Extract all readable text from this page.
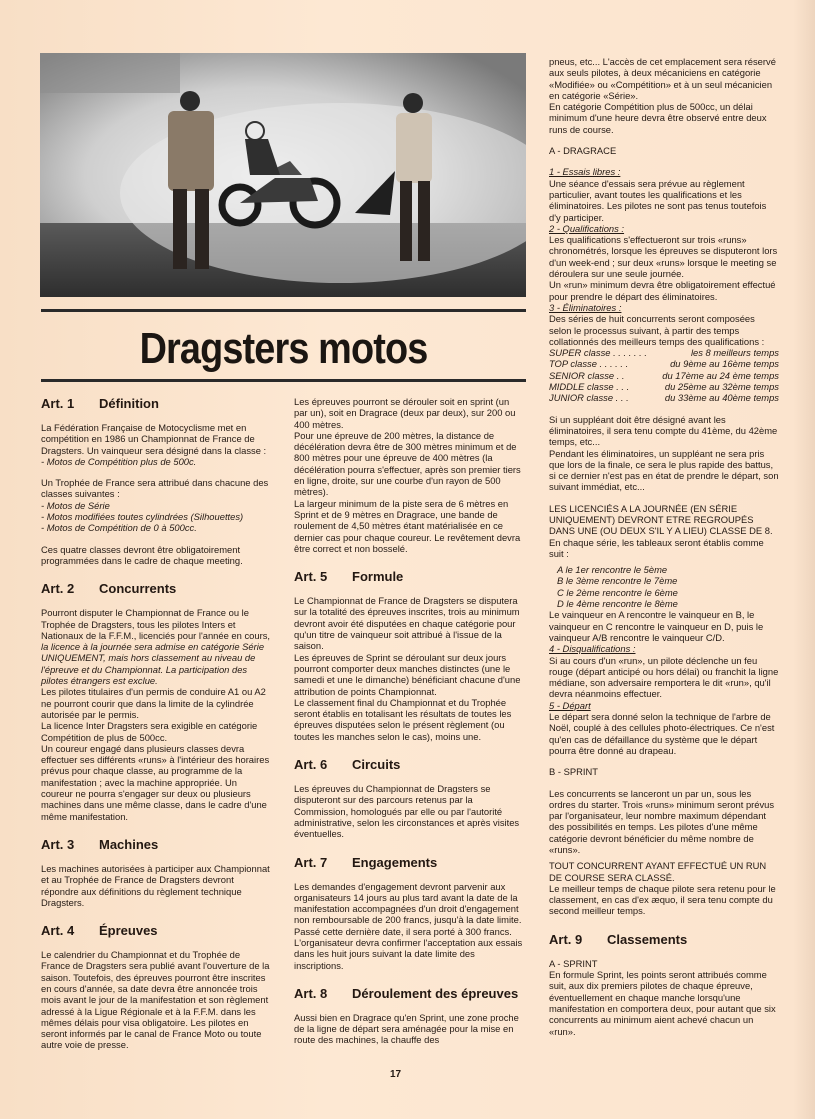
Dragsters motos

Art. 1 Définition

La Fédération Française de Motocyclisme met en compétition en 1986 un Championnat de France de Dragsters. Un vainqueur sera désigné dans la classe :

- Motos de Compétition plus de 500c.

Un Trophée de France sera attribué dans chacune des classes suivantes :

- Motos de Série

- Motos modifiées toutes cylindrées (Silhouettes)

- Motos de Compétition de 0 à 500cc.

Ces quatre classes devront être obligatoirement programmées dans le cadre de chaque meeting.

Art. 2 Concurrents

Pourront disputer le Championnat de France ou le Trophée de Dragsters, tous les pilotes Inters et Nationaux de la F.F.M., licenciés pour l'année en cours, la licence à la journée sera admise en catégorie Série UNIQUEMENT, mais hors classement au niveau de l'épreuve et du Championnat. La participation des pilotes étrangers est exclue.

Les pilotes titulaires d'un permis de conduire A1 ou A2 ne pourront courir que dans la limite de la cylindrée autorisée par le permis.

La licence Inter Dragsters sera exigible en catégorie Compétition de plus de 500cc.

Un coureur engagé dans plusieurs classes devra effectuer ses différents «runs» à l'intérieur des horaires prévus pour chaque classe, au programme de la manifestation ; avec la machine appropriée. Un coureur ne pourra s'engager sur deux ou plusieurs machines dans une même classe, dans le cadre d'une même manifestation.

Art. 3 Machines

Les machines autorisées à participer aux Championnat et au Trophée de France de Dragsters devront répondre aux définitions du règlement technique Dragsters.

Art. 4 Épreuves

Le calendrier du Championnat et du Trophée de France de Dragsters sera publié avant l'ouverture de la saison. Toutefois, des épreuves pourront être inscrites en cours d'année, sa date devra être annoncée trois mois avant le jour de la manifestation et son règlement adressé à la Ligue Régionale et à la F.F.M. dans les mêmes délais pour visa obligatoire. Les pilotes en seront informés par le canal de France Moto ou toute autre voie de presse.

Les épreuves pourront se dérouler soit en sprint (un par un), soit en Dragrace (deux par deux), sur 200 ou 400 mètres.

Pour une épreuve de 200 mètres, la distance de décélération devra être de 300 mètres minimum et de 800 mètres pour une épreuve de 400 mètres (la décélération pourra s'effectuer, après son premier tiers en ligne, droite, sur une courbe d'un rayon de 500 mètres).

La largeur minimum de la piste sera de 6 mètres en Sprint et de 9 mètres en Dragrace, une bande de roulement de 4,50 mètres étant matérialisée en ce dernier cas pour chaque coureur. Le revêtement devra être correct et non bosselé.

Art. 5 Formule

Le Championnat de France de Dragsters se disputera sur la totalité des épreuves inscrites, trois au minimum devront avoir été disputées en chaque catégorie pour qu'un titre de vainqueur soit attribué à l'issue de la saison.

Les épreuves de Sprint se déroulant sur deux jours pourront comporter deux manches distinctes (une le samedi et une le dimanche) bénéficiant chacune d'une attribution de points Championnat.

Le classement final du Championnat et du Trophée seront établis en totalisant les résultats de toutes les épreuves disputées selon le présent règlement (ou toutes les manches selon le cas), moins une.

Art. 6 Circuits

Les épreuves du Championnat de Dragsters se disputeront sur des parcours retenus par la Commission, homologués par elle ou par l'autorité administrative, selon les circonstances et après visites éventuelles.

Art. 7 Engagements

Les demandes d'engagement devront parvenir aux organisateurs 14 jours au plus tard avant la date de la manifestation accompagnées d'un droit d'engagement non remboursable de 200 francs, jusqu'à la date limite. Passé cette dernière date, il sera porté à 300 francs.

L'organisateur devra confirmer l'acceptation aux essais dans les huit jours suivant la date limite des inscriptions.

Art. 8 Déroulement des épreuves

Aussi bien en Dragrace qu'en Sprint, une zone proche de la ligne de départ sera aménagée pour la mise en route des machines, la chauffe des

pneus, etc... L'accès de cet emplacement sera réservé aux seuls pilotes, à deux mécaniciens en catégorie «Modifiée» ou «Compétition» et à un seul mécanicien en catégorie «Série».

En catégorie Compétition plus de 500cc, un délai minimum d'une heure devra être observé entre deux runs de course.

A - DRAGRACE

1 - Essais libres :

Une séance d'essais sera prévue au règlement particulier, avant toutes les qualifications et les éliminatoires. Les pilotes ne sont pas tenus toutefois d'y participer.

2 - Qualifications :

Les qualifications s'effectueront sur trois «runs» chronométrés, lorsque les épreuves se disputeront lors d'un week-end ; sur deux «runs» lorsque le meeting se déroulera sur une seule journée.

Un «run» minimum devra être obligatoirement effectué pour prendre le départ des éliminatoires.

3 - Éliminatoires :

Des séries de huit concurrents seront composées selon le processus suivant, à partir des temps collationnés des meilleurs temps des qualifications :

SUPER classe . . . . . . .	les 8 meilleurs temps
TOP classe . . . . . .	du 9ème au 16ème temps
SENIOR classe . .	du 17ème au 24 ème temps
MIDDLE classe . . .	du 25ème au 32ème temps
JUNIOR classe . . .	du 33ème au 40ème temps

Si un suppléant doit être désigné avant les éliminatoires, il sera tenu compte du 41ème, du 42ème temps, etc...

Pendant les éliminatoires, un suppléant ne sera pris que lors de la finale, ce sera le plus rapide des battus, si ce dernier n'est pas en état de prendre le départ, son suivant immédiat, etc...

LES LICENCIÉS A LA JOURNÉE (EN SÉRIE UNIQUEMENT) DEVRONT ETRE REGROUPÉS DANS UNE (OU DEUX S'IL Y A LIEU) CLASSE DE 8.

En chaque série, les tableaux seront établis comme suit :

A le 1er rencontre le 5ème

B le 3ème rencontre le 7ème

C le 2ème rencontre le 6ème

D le 4ème rencontre le 8ème

Le vainqueur en A rencontre le vainqueur en B, le vainqueur en C rencontre le vainqueur en D, puis le vainqueur A/B rencontre le vainqueur C/D.

4 - Disqualifications :

Si au cours d'un «run», un pilote déclenche un feu rouge (départ anticipé ou hors délai) ou franchit la ligne médiane, son adversaire remportera le dit «run», qu'il devra néanmoins effectuer.

5 - Départ

Le départ sera donné selon la technique de l'arbre de Noël, couplé à des cellules photo-électriques. Ce n'est qu'en cas de défaillance du système que le départ pourra être donné au drapeau.

B - SPRINT

Les concurrents se lanceront un par un, sous les ordres du starter. Trois «runs» minimum seront prévus par l'organisateur, leur nombre maximum dépendant des possibilités en temps. Les pilotes d'une même catégorie devront bénéficier du même nombre de «runs».

TOUT CONCURRENT AYANT EFFECTUÉ UN RUN DE COURSE SERA CLASSÉ.

Le meilleur temps de chaque pilote sera retenu pour le classement, en cas d'ex æquo, il sera tenu compte du second meilleur temps.

Art. 9 Classements

A - SPRINT

En formule Sprint, les points seront attribués comme suit, aux dix premiers pilotes de chaque épreuve, éventuellement en chaque manche lorsqu'une manifestation en comportera deux, pour autant que six concurrents au minimum aient achevé chacun un «run».

17
